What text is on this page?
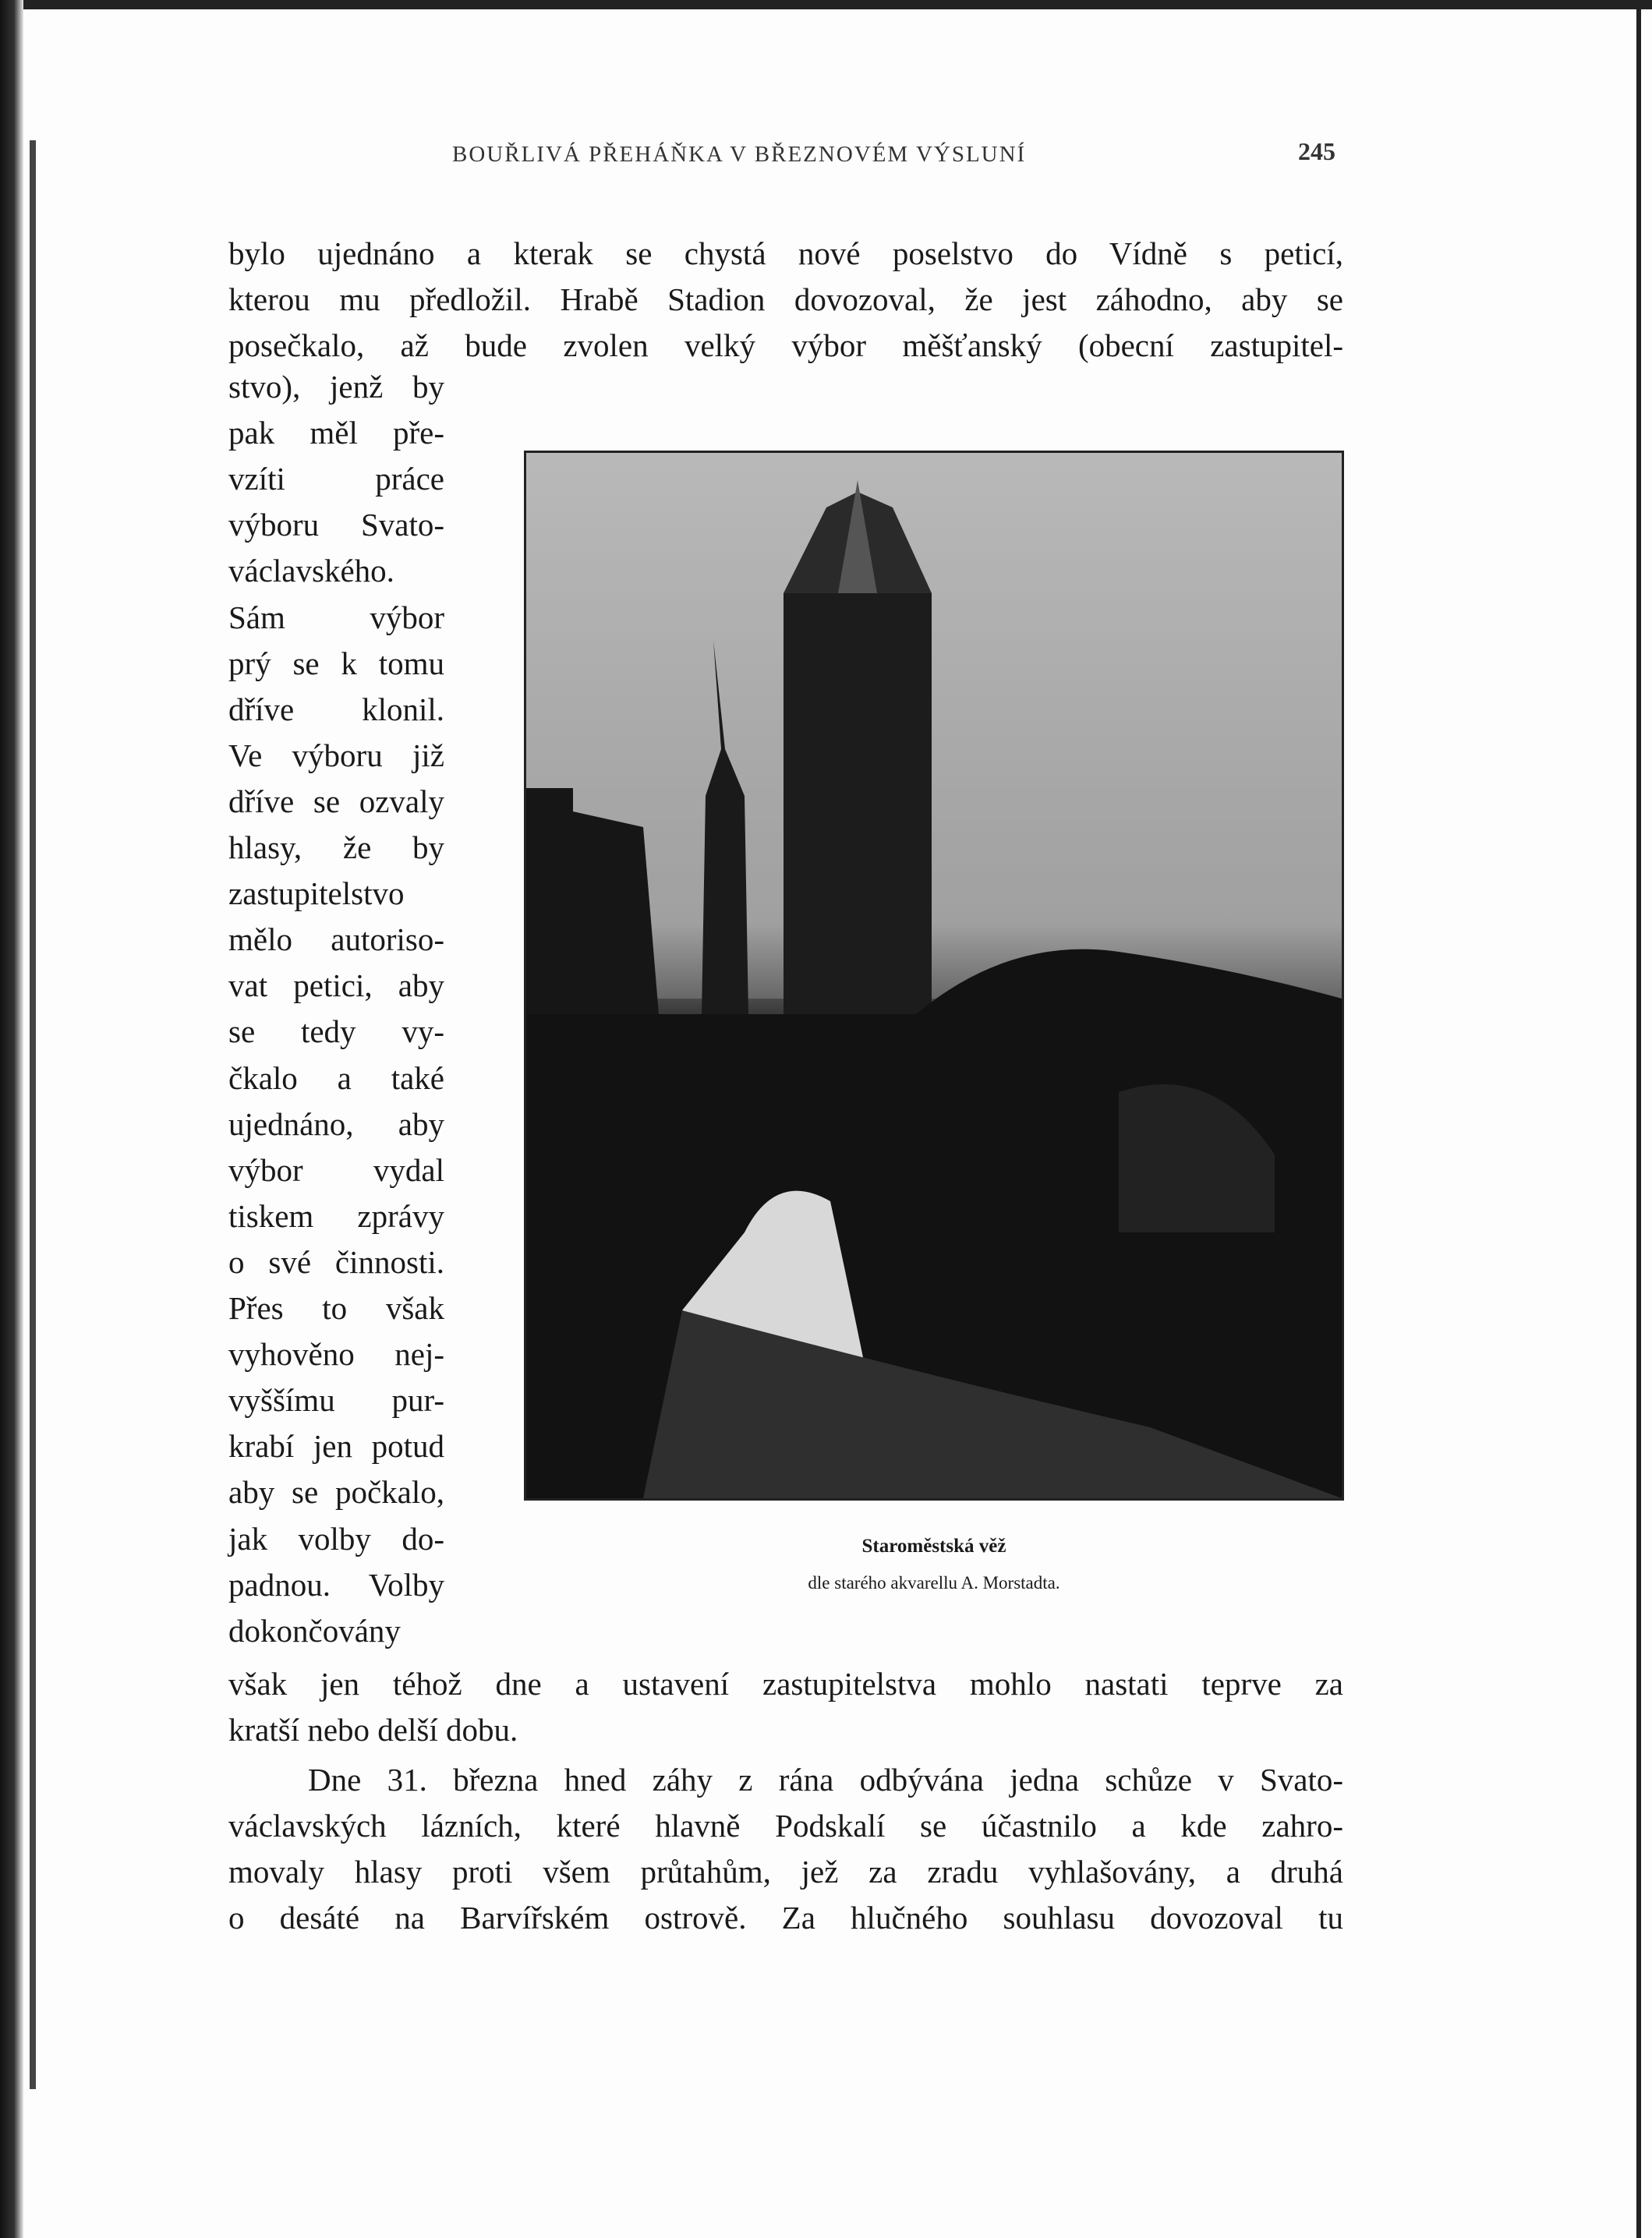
BOUŘLIVÁ PŘEHÁŇKA V BŘEZNOVÉM VÝSLUNÍ	245
bylo ujednáno a kterak se chystá nové poselstvo do Vídně s peticí,
kterou mu předložil. Hrabě Stadion dovozoval, že jest záhodno, aby se
posečkalo, až bude zvolen velký výbor měšťanský (obecní zastupitel-
stvo), jenž by
pak měl pře-
vzíti práce
výboru Svato-
václavského.
Sám výbor
prý se k tomu
dříve klonil.
Ve výboru již
dříve se ozvaly
hlasy, že by
zastupitelstvo
mělo autoriso-
vat petici, aby
se tedy vy-
čkalo a také
ujednáno, aby
výbor vydal
tiskem zprávy
o své činnosti.
Přes to však
vyhověno nej-
vyššímu pur-
krabí jen potud
aby se počkalo,
jak volby do-
padnou. Volby
dokončovány
Staroměstská věž
dle starého akvarellu A. Morstadta.
však jen téhož dne a ustavení zastupitelstva mohlo nastati teprve za
kratší nebo delší dobu.
Dne 31. března hned záhy z rána odbývána jedna schůze v Svato-
václavských lázních, které hlavně Podskalí se účastnilo a kde zahro-
movaly hlasy proti všem průtahům, jež za zradu vyhlašovány, a druhá
o desáté na Barvířském ostrově. Za hlučného souhlasu dovozoval tu
